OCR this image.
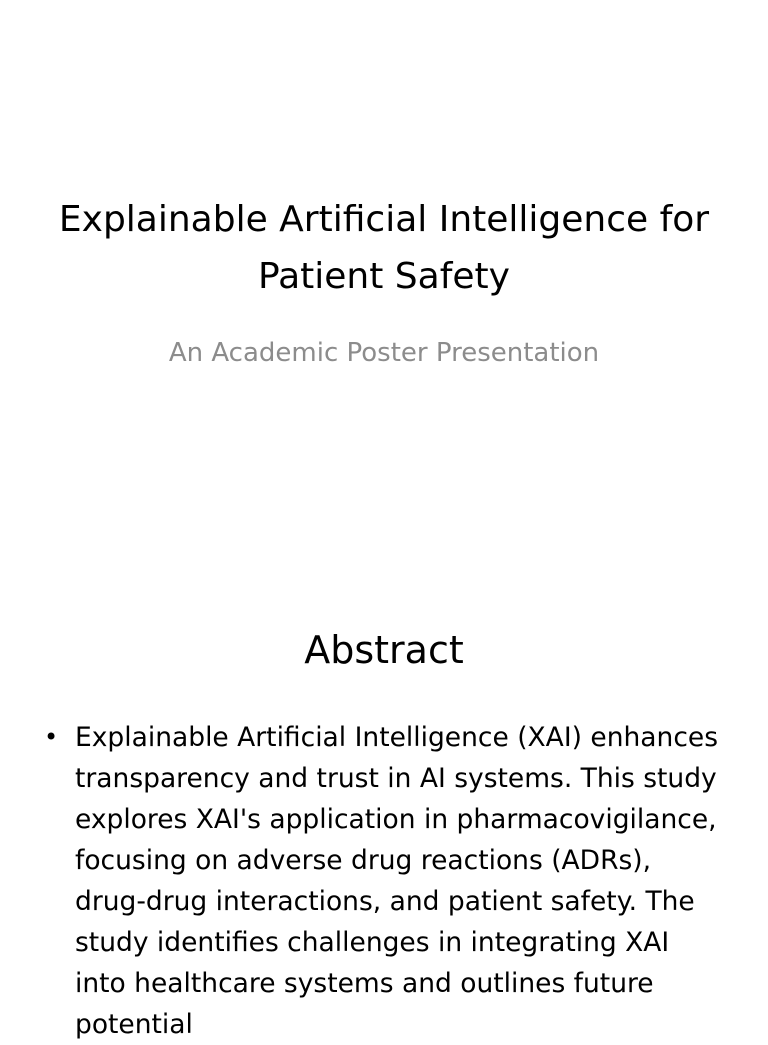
Explainable Artificial Intelligence for Patient Safety

An Academic Poster Presentation

Abstract
• Explainable Artificial Intelligence (XAI) enhances transparency and trust in AI systems. This study explores XAI's application in pharmacovigilance, focusing on adverse drug reactions (ADRs), drug-drug interactions, and patient safety. The study identifies challenges in integrating XAI into healthcare systems and outlines future potential
